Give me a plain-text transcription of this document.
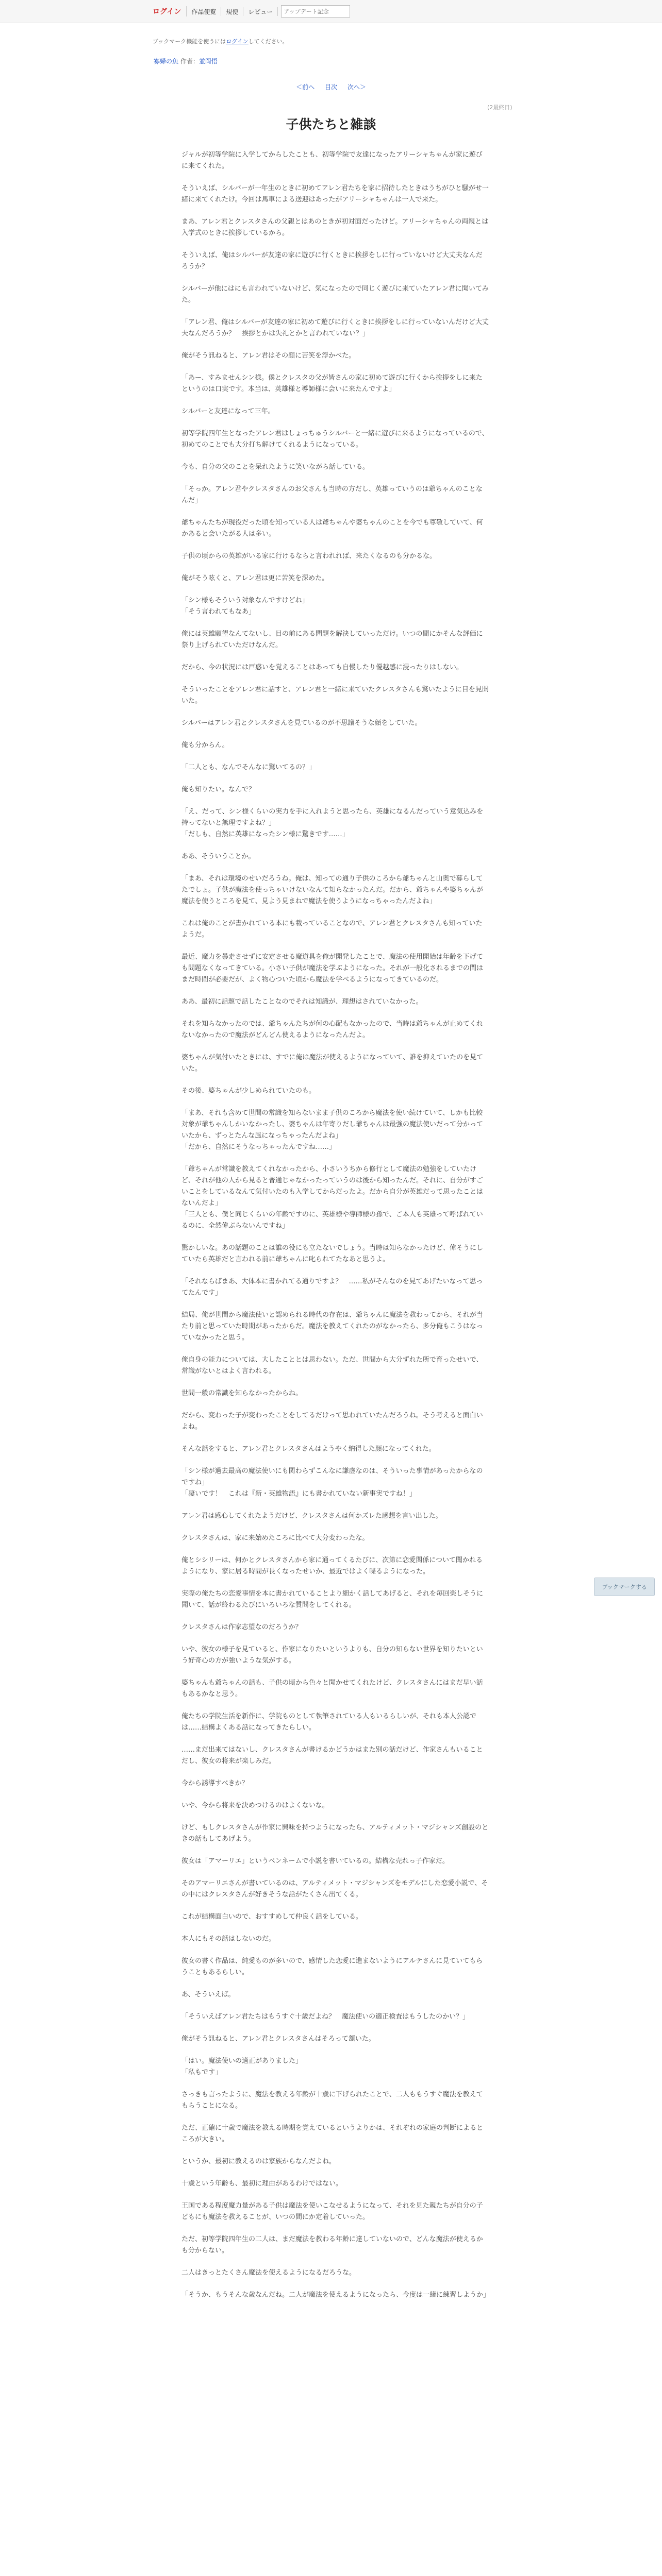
ログイン	作品便覧	規便	レビュー
アップデート記念
ブックマーク機能を使うにはログインしてください。
寡婦の魚 作者：並岡悟
＜前へ 目次 次へ＞
(2最終日)
子供たちと雑談

ジャルが初等学院に入学してからしたことも、初等学院で友達になったアリーシャちゃんが家に遊びに来てくれた。

そういえば、シルバーが一年生のときに初めてアレン君たちを家に招待したときはうちがひと騒がせ一緒に来てくれたけ。今回は馬車による送迎はあったがアリーシャちゃんは一人で来た。

まあ、アレン君とクレスタさんの父親とはあのときが初対面だったけど。アリーシャちゃんの両親とは入学式のときに挨拶しているから。

そういえば、俺はシルバーが友達の家に遊びに行くときに挨拶をしに行っていないけど大丈夫なんだろうか？

シルバーが他にはにも言われていないけど、気になったので同じく遊びに来ていたアレン君に聞いてみた。

「アレン君、俺はシルバーが友達の家に初めて遊びに行くときに挨拶をしに行っていないんだけど大丈夫なんだろうか？　挨拶とかは失礼とかと言われていない？」

俺がそう訊ねると、アレン君はその顔に苦笑を浮かべた。

「あー、すみませんシン様。僕とクレスタの父が皆さんの家に初めて遊びに行くから挨拶をしに来たというのは口実です。本当は、英雄様と導師様に会いに来たんですよ」

シルバーと友達になって三年。

初等学院四年生となったアレン君はしょっちゅうシルバーと一緒に遊びに来るようになっているので、初めてのことでも大分打ち解けてくれるようになっている。

今も、自分の父のことを呆れたように笑いながら話している。

「そっか。アレン君やクレスタさんのお父さんも当時の方だし、英雄っていうのは爺ちゃんのことなんだ」

爺ちゃんたちが現役だった頃を知っている人は爺ちゃんや婆ちゃんのことを今でも尊敬していて、何かあると会いたがる人は多い。

子供の頃からの英雄がいる家に行けるならと言われれば、来たくなるのも分かるな。

俺がそう呟くと、アレン君は更に苦笑を深めた。

「シン様もそういう対象なんですけどね」
「そう言われてもなあ」

俺には英雄願望なんてないし、目の前にある問題を解決していっただけ。いつの間にかそんな評価に祭り上げられていただけなんだ。

だから、今の状況には戸惑いを覚えることはあっても自慢したり優越感に浸ったりはしない。

そういったことをアレン君に話すと、アレン君と一緒に来ていたクレスタさんも驚いたように目を見開いた。

シルバーはアレン君とクレスタさんを見ているのが不思議そうな顔をしていた。

俺も分からん。

「二人とも、なんでそんなに驚いてるの？」

俺も知りたい。なんで？

「え、だって、シン様くらいの実力を手に入れようと思ったら、英雄になるんだっていう意気込みを持ってないと無理ですよね？」
「だしも、自然に英雄になったシン様に驚きです……」

ああ、そういうことか。

「まあ、それは環境のせいだろうね。俺は、知っての通り子供のころから爺ちゃんと山奥で暮らしてたでしょ。子供が魔法を使っちゃいけないなんて知らなかったんだ。だから、爺ちゃんや婆ちゃんが魔法を使うところを見て、見よう見まねで魔法を使うようになっちゃったんだよね」

これは俺のことが書かれている本にも載っていることなので、アレン君とクレスタさんも知っていたようだ。

最近、魔力を暴走させずに安定させる魔道具を俺が開発したことで、魔法の使用開始は年齢を下げても問題なくなってきている。小さい子供が魔法を学ぶようになった。それが一般化されるまでの間はまだ時間が必要だが、よく物心ついた頃から魔法を学べるようになってきているのだ。

ああ、最初に話題で話したことなのでそれは知識が、理想はされていなかった。

それを知らなかったのでは、爺ちゃんたちが何の心配もなかったので、当時は爺ちゃんが止めてくれないなかったので魔法がどんどん使えるようになったんだよ。

婆ちゃんが気付いたときには、すでに俺は魔法が使えるようになっていて、誰を抑えていたのを見ていた。

その後、婆ちゃんが少しめられていたのも。

「まあ、それも含めて世間の常識を知らないまま子供のころから魔法を使い続けていて、しかも比較対象が爺ちゃんしかいなかったし、婆ちゃんは年寄りだし爺ちゃんは最強の魔法使いだって分かっていたから、ずっとたんな風になっちゃったんだよね」
「だから、自然にそうなっちゃったんですね……」

「爺ちゃんが常識を教えてくれなかったから、小さいうちから修行として魔法の勉強をしていたけど、それが他の人から見ると普通じゃなかったっていうのは後から知ったんだ。それに、自分がすごいことをしているなんて気付いたのも入学してからだったよ。だから自分が英雄だって思ったことはないんだよ」
「三人とも、僕と同じくらいの年齢ですのに、英雄様や導師様の孫で、ご本人も英雄って呼ばれているのに、全然偉ぶらないんですね」

驚かしいな。あの話題のことは誰の役にも立たないでしょう。当時は知らなかったけど、偉そうにしていたら英雄だと言われる前に爺ちゃんに叱られてたなあと思うよ。

「それならばまあ、大体本に書かれてる通りですよ？　……私がそんなのを見てあげたいなって思ってたんです」

結局、俺が世間から魔法使いと認められる時代の存在は、爺ちゃんに魔法を教わってから、それが当たり前と思っていた時期があったからだ。魔法を教えてくれたのがなかったら、多分俺もこうはなっていなかったと思う。

俺自身の能力については、大したこととは思わない。ただ、世間から大分ずれた所で育ったせいで、常識がないとはよく言われる。

世間一般の常識を知らなかったからね。

だから、変わった子が変わったことをしてるだけって思われていたんだろうね。そう考えると面白いよね。

そんな話をすると、アレン君とクレスタさんはようやく納得した顔になってくれた。

「シン様が過去最高の魔法使いにも関わらずこんなに謙虚なのは、そういった事情があったからなのですね」
「凄いです！　これは『新・英雄物語』にも書かれていない新事実ですね！」

アレン君は感心してくれたようだけど、クレスタさんは何かズレた感想を言い出した。

クレスタさんは、家に来始めたころに比べて大分変わったな。

俺とシシリーは、何かとクレスタさんから家に通ってくるたびに、次第に恋愛関係について聞かれるようになり、家に居る時間が長くなったせいか、最近ではよく喋るようになった。

実際の俺たちの恋愛事情を本に書かれていることより細かく話してあげると、それを毎回楽しそうに聞いて、話が終わるたびにいろいろな質問をしてくれる。

クレスタさんは作家志望なのだろうか？

いや、彼女の様子を見ていると、作家になりたいというよりも、自分の知らない世界を知りたいという好奇心の方が強いような気がする。

婆ちゃんも爺ちゃんの話も、子供の頃から色々と聞かせてくれたけど、クレスタさんにはまだ早い話もあるかなと思う。

俺たちの学院生活を新作に、学院ものとして執筆されている人もいるらしいが、それも本人公認では……結構よくある話になってきたらしい。

……まだ出来てはないし、クレスタさんが書けるかどうかはまた別の話だけど、作家さんもいることだし、彼女の将来が楽しみだ。

今から誘導すべきか？

いや、今から将来を決めつけるのはよくないな。

けど、もしクレスタさんが作家に興味を持つようになったら、アルティメット・マジシャンズ創設のときの話もしてあげよう。

彼女は「アマーリエ」というペンネームで小説を書いているの。結構な売れっ子作家だ。

そのアマーリエさんが書いているのは、アルティメット・マジシャンズをモデルにした恋愛小説で、その中にはクレスタさんが好きそうな話がたくさん出てくる。

これが結構面白いので、おすすめして仲良く話をしている。

本人にもその話はしないのだ。

彼女の書く作品は、純愛ものが多いので、感情した恋愛に進まないようにアルテさんに見ていてもらうこともあるらしい。

あ、そういえば。

「そういえばアレン君たちはもうすぐ十歳だよね？　魔法使いの適正検査はもうしたのかい？」

俺がそう訊ねると、アレン君とクレスタさんはそろって頷いた。

「はい。魔法使いの適正がありました」
「私もです」

さっきも言ったように、魔法を教える年齢が十歳に下げられたことで、二人ももうすぐ魔法を教えてもらうことになる。

ただ、正確に十歳で魔法を教える時期を覚えているというよりかは、それぞれの家庭の判断によるところが大きい。

というか、最初に教えるのは家族からなんだよね。

十歳という年齢も、最初に理由があるわけではない。

王国である程度魔力量がある子供は魔法を使いこなせるようになって、それを見た親たちが自分の子どもにも魔法を教えることが、いつの間にか定着していった。

ただ、初等学院四年生の二人は、まだ魔法を教わる年齢に達していないので、どんな魔法が使えるかも分からない。

二人はきっとたくさん魔法を使えるようになるだろうな。

「そうか、もうそんな歳なんだね。二人が魔法を使えるようになったら、今度は一緒に練習しようか」

ブックマークする
